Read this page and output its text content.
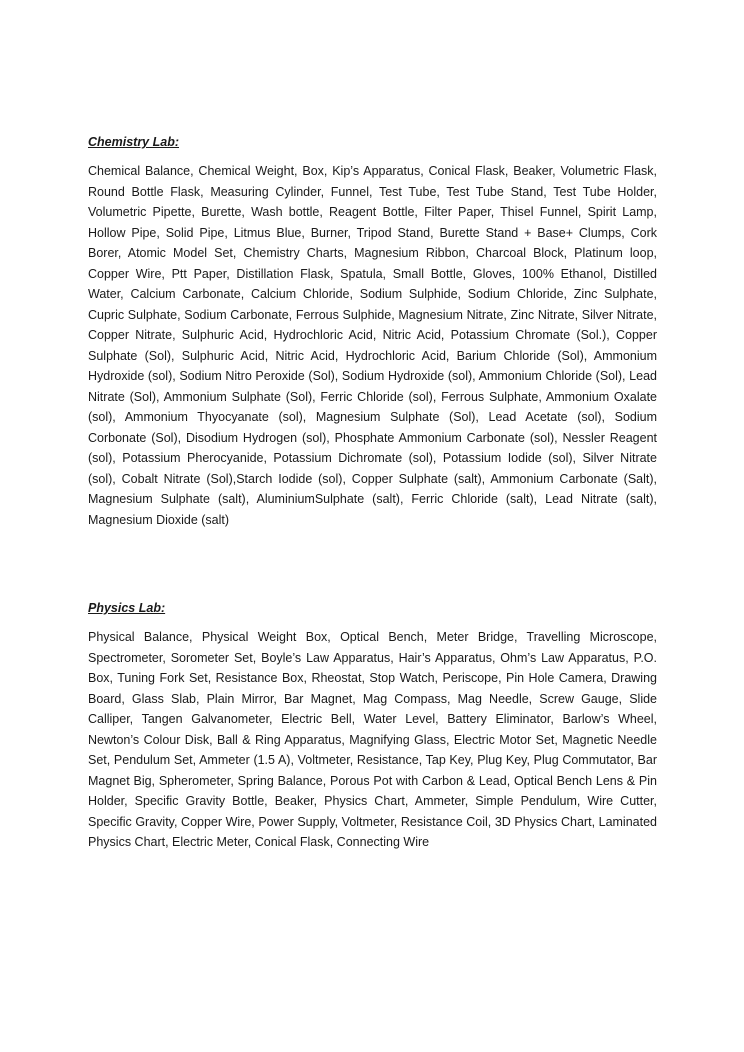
Chemistry Lab:

Chemical Balance, Chemical Weight, Box, Kip’s Apparatus, Conical Flask, Beaker, Volumetric Flask, Round Bottle Flask, Measuring Cylinder, Funnel, Test Tube, Test Tube Stand, Test Tube Holder, Volumetric Pipette, Burette, Wash bottle, Reagent Bottle, Filter Paper, Thisel Funnel, Spirit Lamp, Hollow Pipe, Solid Pipe, Litmus Blue, Burner, Tripod Stand, Burette Stand + Base+ Clumps, Cork Borer, Atomic Model Set, Chemistry Charts, Magnesium Ribbon, Charcoal Block, Platinum loop, Copper Wire, Ptt Paper, Distillation Flask, Spatula, Small Bottle, Gloves, 100% Ethanol, Distilled Water, Calcium Carbonate, Calcium Chloride, Sodium Sulphide, Sodium Chloride, Zinc Sulphate, Cupric Sulphate, Sodium Carbonate, Ferrous Sulphide, Magnesium Nitrate, Zinc Nitrate, Silver Nitrate, Copper Nitrate, Sulphuric Acid, Hydrochloric Acid, Nitric Acid, Potassium Chromate (Sol.), Copper Sulphate (Sol), Sulphuric Acid, Nitric Acid, Hydrochloric Acid, Barium Chloride (Sol), Ammonium Hydroxide (sol), Sodium Nitro Peroxide (Sol), Sodium Hydroxide (sol), Ammonium Chloride (Sol), Lead Nitrate (Sol), Ammonium Sulphate (Sol), Ferric Chloride (sol), Ferrous Sulphate, Ammonium Oxalate (sol), Ammonium Thyocyanate (sol), Magnesium Sulphate (Sol), Lead Acetate (sol), Sodium Corbonate (Sol), Disodium Hydrogen (sol), Phosphate Ammonium Carbonate (sol), Nessler Reagent (sol), Potassium Pherocyanide, Potassium Dichromate (sol), Potassium Iodide (sol), Silver Nitrate (sol), Cobalt Nitrate (Sol),Starch Iodide (sol), Copper Sulphate (salt), Ammonium Carbonate (Salt), Magnesium Sulphate (salt), AluminiumSulphate (salt), Ferric Chloride (salt), Lead Nitrate (salt), Magnesium Dioxide (salt)

Physics Lab:

Physical Balance, Physical Weight Box, Optical Bench, Meter Bridge, Travelling Microscope, Spectrometer, Sorometer Set, Boyle’s Law Apparatus, Hair’s Apparatus, Ohm’s Law Apparatus, P.O. Box, Tuning Fork Set, Resistance Box, Rheostat, Stop Watch, Periscope, Pin Hole Camera, Drawing Board, Glass Slab, Plain Mirror, Bar Magnet, Mag Compass, Mag Needle, Screw Gauge, Slide Calliper, Tangen Galvanometer, Electric Bell, Water Level, Battery Eliminator, Barlow’s Wheel, Newton’s Colour Disk, Ball & Ring Apparatus, Magnifying Glass, Electric Motor Set, Magnetic Needle Set, Pendulum Set, Ammeter (1.5 A), Voltmeter, Resistance, Tap Key, Plug Key, Plug Commutator, Bar Magnet Big, Spherometer, Spring Balance, Porous Pot with Carbon & Lead, Optical Bench Lens & Pin Holder, Specific Gravity Bottle, Beaker, Physics Chart, Ammeter, Simple Pendulum, Wire Cutter, Specific Gravity, Copper Wire, Power Supply, Voltmeter, Resistance Coil, 3D Physics Chart, Laminated Physics Chart, Electric Meter, Conical Flask, Connecting Wire
